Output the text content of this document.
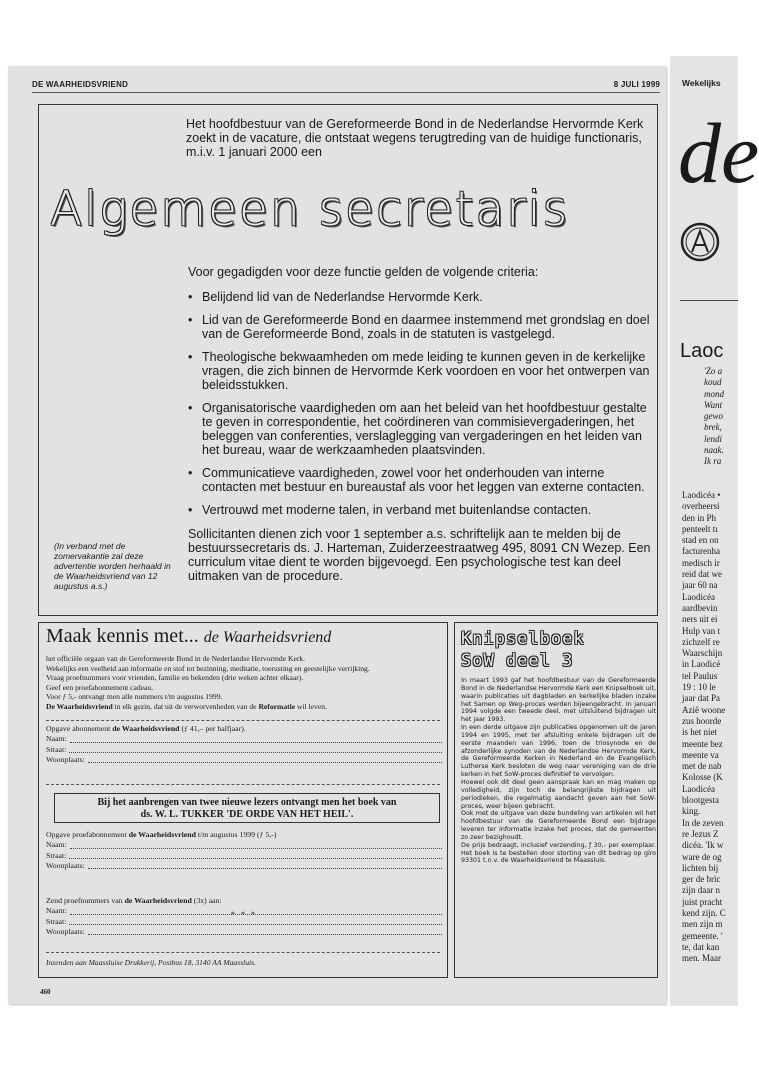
DE WAARHEIDSVRIEND	8 JULI 1999

Het hoofdbestuur van de Gereformeerde Bond in de Nederlandse Hervormde Kerk zoekt in de vacature, die ontstaat wegens terugtreding van de huidige functionaris, m.i.v. 1 januari 2000 een

Algemeen secretaris

Voor gegadigden voor deze functie gelden de volgende criteria:

• Belijdend lid van de Nederlandse Hervormde Kerk.
• Lid van de Gereformeerde Bond en daarmee instemmend met grondslag en doel van de Gereformeerde Bond, zoals in de statuten is vastgelegd.
• Theologische bekwaamheden om mede leiding te kunnen geven in de kerkelijke vragen, die zich binnen de Hervormde Kerk voordoen en voor het ontwerpen van beleidsstukken.
• Organisatorische vaardigheden om aan het beleid van het hoofdbestuur gestalte te geven in correspondentie, het coördineren van commisievergaderingen, het beleggen van conferenties, verslaglegging van vergaderingen en het leiden van het bureau, waar de werkzaamheden plaatsvinden.
• Communicatieve vaardigheden, zowel voor het onderhouden van interne contacten met bestuur en bureaustaf als voor het leggen van externe contacten.
• Vertrouwd met moderne talen, in verband met buitenlandse contacten.

(In verband met de zomervakantie zal deze advertentie worden herhaald in de Waarheidsvriend van 12 augustus a.s.)

Sollicitanten dienen zich voor 1 september a.s. schriftelijk aan te melden bij de bestuurssecretaris ds. J. Harteman, Zuiderzeestraatweg 495, 8091 CN Wezep. Een curriculum vitae dient te worden bijgevoegd. Een psychologische test kan deel uitmaken van de procedure.

Maak kennis met... de Waarheidsvriend
het officiële orgaan van de Gereformeerde Bond in de Nederlandse Hervormde Kerk.
Wekelijks een veelheid aan informatie en stof tot bezinning, meditatie, toerusting en geestelijke verrijking.
Vraag proefnummers voor vrienden, familie en bekenden (drie weken achter elkaar).
Geef een proefabonnement cadeau.
Voor ƒ 5,- ontvangt men alle nummers t/m augustus 1999.
De Waarheidsvriend in elk gezin, dat uit de verworvenheden van de Reformatie wil leven.
Opgave abonnement de Waarheidsvriend (ƒ 41,– per halfjaar).
Naam:
Straat:
Woonplaats:
Bij het aanbrengen van twee nieuwe lezers ontvangt men het boek van
ds. W. L. TUKKER 'DE ORDE VAN HET HEIL'.
Opgave proefabonnement de Waarheidsvriend t/m augustus 1999 (ƒ 5,-)
Naam:
Straat:
Woonplaats:
* * *
Zend proefnummers van de Waarheidsvriend (3x) aan:
Naam:
Straat:
Woonplaats:
Inzenden aan Maassluise Drukkerij, Postbus 18, 3140 AA Maassluis.
Knipselboek
SoW deel 3

In maart 1993 gaf het hoofdbestuur van de Gereformeerde Bond in de Nederlandse Hervormde Kerk een Knipselboek uit, waarin publicaties uit dagbladen en kerkelijke bladen inzake het Samen op Weg-proces werden bijeengebracht. In januari 1994 volgde een tweede deel, met uitsluitend bijdragen uit het jaar 1993.

In een derde uitgave zijn publicaties opgenomen uit de jaren 1994 en 1995, met ter afsluiting enkele bijdragen uit de eerste maanden van 1996, toen de triosynode en de afzonderlijke synoden van de Nederlandse Hervormde Kerk, de Gereformeerde Kerken in Nederland en de Evangelisch Lutherse Kerk besloten de weg naar vereniging van de drie kerken in het SoW-proces definitief te vervolgen.

Hoewel ook dit deel geen aanspraak kan en mag maken op volledigheid, zijn toch de belangrijkste bijdragen uit periodieken, die regelmatig aandacht geven aan het SoW-proces, weer bijeen gebracht.

Ook met de uitgave van deze bundeling van artikelen wil het hoofdbestuur van de Gereformeerde Bond een bijdrage leveren ter informatie inzake het proces, dat de gemeenten zo zeer bezighoudt.

De prijs bedraagt, inclusief verzending, ƒ 30,- per exemplaar. Het boek is te bestellen door storting van dit bedrag op giro 93301 t.n.v. de Waarheidsvriend te Maassluis.

460
Wekelijks
de
Laoc
'Zo a
koud
mond
Want
gewo
brek,
lendi
naak.
Ik ra
Laodicéa •
overheersi
den in Ph
penteelt tı
stad en on
facturenha
medisch ir
reid dat we
jaar 60 na
Laodicéa
aardbevin
ners uit ei
Hulp van t
zichzelf re
Waarschijn
in Laodicé
tel Paulus
19 : 10 le
jaar dat Pa
Azië woone
zus hoorde
is het niet
meente bez
meente va
met de nab
Kolosse (K
Laodicéa
blootgesta
king.
In de zeven
re Jezus Z
dicéa. 'Ik w
ware de og
lichten bij
ger de bric
zijn daar n
juist pracht
kend zijn. C
men zijn m
gemeente. '
te, dat kan
men. Maar
